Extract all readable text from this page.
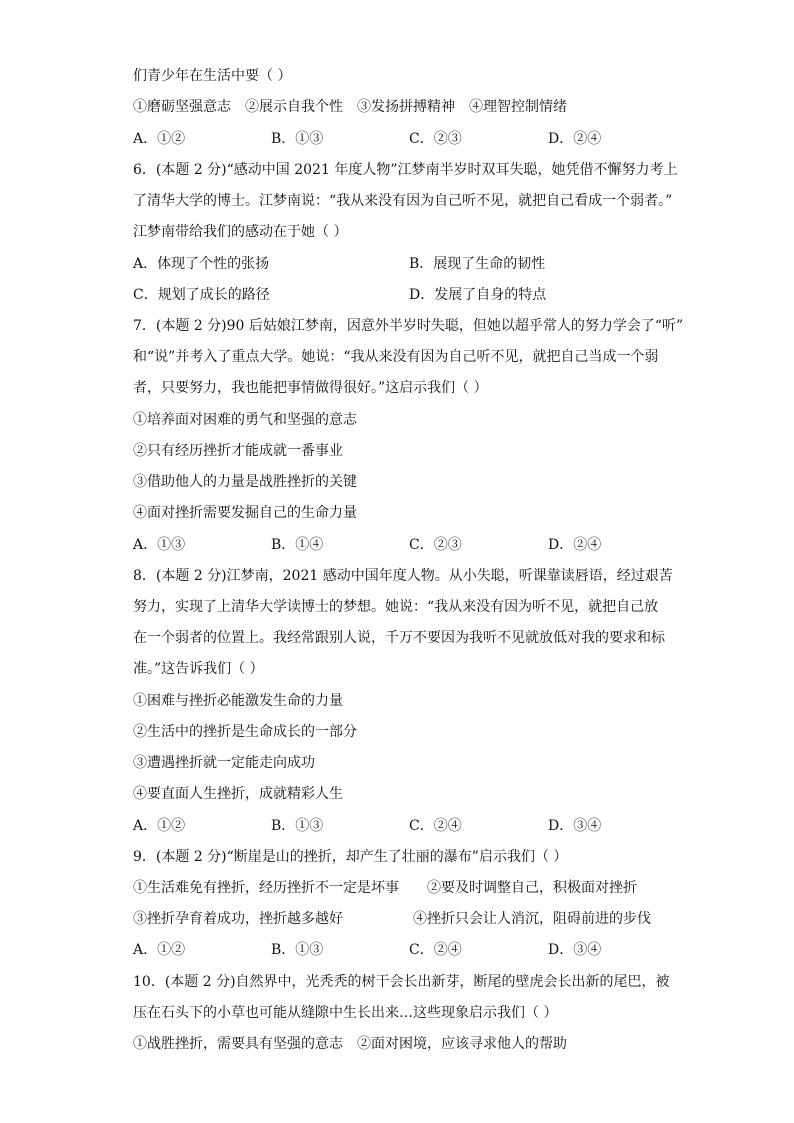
们青少年在生活中要（ ）
①磨砺坚强意志　②展示自我个性　③发扬拼搏精神　④理智控制情绪
A．①②	B．①③	C．②③	D．②④
6．(本题 2 分)“感动中国 2021 年度人物”江梦南半岁时双耳失聪，她凭借不懈努力考上
了清华大学的博士。江梦南说：“我从来没有因为自己听不见，就把自己看成一个弱者。”
江梦南带给我们的感动在于她（ ）
A．体现了个性的张扬	B．展现了生命的韧性
C．规划了成长的路径	D．发展了自身的特点
7．(本题 2 分)90 后姑娘江梦南，因意外半岁时失聪，但她以超乎常人的努力学会了“听”
和“说”并考入了重点大学。她说：“我从来没有因为自己听不见，就把自己当成一个弱
者，只要努力，我也能把事情做得很好。”这启示我们（ ）
①培养面对困难的勇气和坚强的意志
②只有经历挫折才能成就一番事业
③借助他人的力量是战胜挫折的关键
④面对挫折需要发掘自己的生命力量
A．①③	B．①④	C．②③	D．②④
8．(本题 2 分)江梦南，2021 感动中国年度人物。从小失聪，听课靠读唇语，经过艰苦
努力，实现了上清华大学读博士的梦想。她说：“我从来没有因为听不见，就把自己放
在一个弱者的位置上。我经常跟别人说，千万不要因为我听不见就放低对我的要求和标
准。”这告诉我们（ ）
①困难与挫折必能激发生命的力量
②生活中的挫折是生命成长的一部分
③遭遇挫折就一定能走向成功
④要直面人生挫折，成就精彩人生
A．①②	B．①③	C．②④	D．③④
9．(本题 2 分)“断崖是山的挫折，却产生了壮丽的瀑布”启示我们（ ）
①生活难免有挫折，经历挫折不一定是坏事　　②要及时调整自己，积极面对挫折
③挫折孕育着成功，挫折越多越好　　　　　④挫折只会让人消沉，阻碍前进的步伐
A．①②	B．①③	C．②④	D．③④
10．(本题 2 分)自然界中，光秃秃的树干会长出新芽，断尾的壁虎会长出新的尾巴，被
压在石头下的小草也可能从缝隙中生长出来…这些现象启示我们（ ）
①战胜挫折，需要具有坚强的意志　②面对困境，应该寻求他人的帮助
